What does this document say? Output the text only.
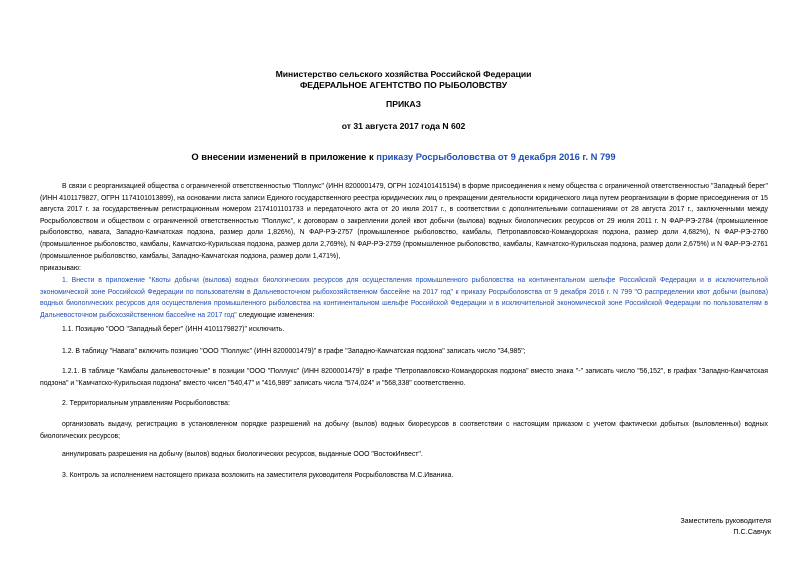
Министерство сельского хозяйства Российской Федерации
ФЕДЕРАЛЬНОЕ АГЕНТСТВО ПО РЫБОЛОВСТВУ
ПРИКАЗ
от 31 августа 2017 года N 602
О внесении изменений в приложение к приказу Росрыболовства от 9 декабря 2016 г. N 799
В связи с реорганизацией общества с ограниченной ответственностью "Поллукс" (ИНН 8200001479, ОГРН 1024101415194) в форме присоединения к нему общества с ограниченной ответственностью "Западный берег" (ИНН 4101179827, ОГРН 1174101013899), на основании листа записи Единого государственного реестра юридических лиц о прекращении деятельности юридического лица путем реорганизации в форме присоединения от 15 августа 2017 г. за государственным регистрационным номером 2174101101733 и передаточного акта от 20 июля 2017 г., в соответствии с дополнительными соглашениями от 28 августа 2017 г., заключенными между Росрыболовством и обществом с ограниченной ответственностью "Поллукс", к договорам о закреплении долей квот добычи (вылова) водных биологических ресурсов от 29 июля 2011 г. N ФАР-РЭ-2784 (промышленное рыболовство, навага, Западно-Камчатская подзона, размер доли 1,826%), N ФАР-РЭ-2757 (промышленное рыболовство, камбалы, Петропавловско-Командорская подзона, размер доли 4,682%), N ФАР-РЭ-2760 (промышленное рыболовство, камбалы, Камчатско-Курильская подзона, размер доли 2,769%), N ФАР-РЭ-2759 (промышленное рыболовство, камбалы, Камчатско-Курильская подзона, размер доли 2,675%) и N ФАР-РЭ-2761 (промышленное рыболовство, камбалы, Западно-Камчатская подзона, размер доли 1,471%),
приказываю:
1. Внести в приложение "Квоты добычи (вылова) водных биологических ресурсов для осуществления промышленного рыболовства на континентальном шельфе Российской Федерации и в исключительной экономической зоне Российской Федерации по пользователям в Дальневосточном рыбохозяйственном бассейне на 2017 год" к приказу Росрыболовства от 9 декабря 2016 г. N 799 "О распределении квот добычи (вылова) водных биологических ресурсов для осуществления промышленного рыболовства на континентальном шельфе Российской Федерации и в исключительной экономической зоне Российской Федерации по пользователям в Дальневосточном рыбохозяйственном бассейне на 2017 год" следующие изменения:
1.1. Позицию "ООО "Западный берег" (ИНН 4101179827)" исключить.
1.2. В таблицу "Навага" включить позицию "ООО "Поллукс" (ИНН 8200001479)" в графе "Западно-Камчатская подзона" записать число "34,985";
1.2.1. В таблице "Камбалы дальневосточные" в позиции "ООО "Поллукс" (ИНН 8200001479)" в графе "Петропавловско-Командорская подзона" вместо знака "-" записать число "56,152", в графах "Западно-Камчатская подзона" и "Камчатско-Курильская подзона" вместо чисел "540,47" и "416,989" записать числа "574,024" и "568,338" соответственно.
2. Территориальным управлениям Росрыболовства:
организовать выдачу, регистрацию в установленном порядке разрешений на добычу (вылов) водных биоресурсов в соответствии с настоящим приказом с учетом фактически добытых (выловленных) водных биологических ресурсов;
аннулировать разрешения на добычу (вылов) водных биологических ресурсов, выданные ООО "ВостокИнвест".
3. Контроль за исполнением настоящего приказа возложить на заместителя руководителя Росрыболовства М.С.Иваника.
Заместитель руководителя
П.С.Савчук
